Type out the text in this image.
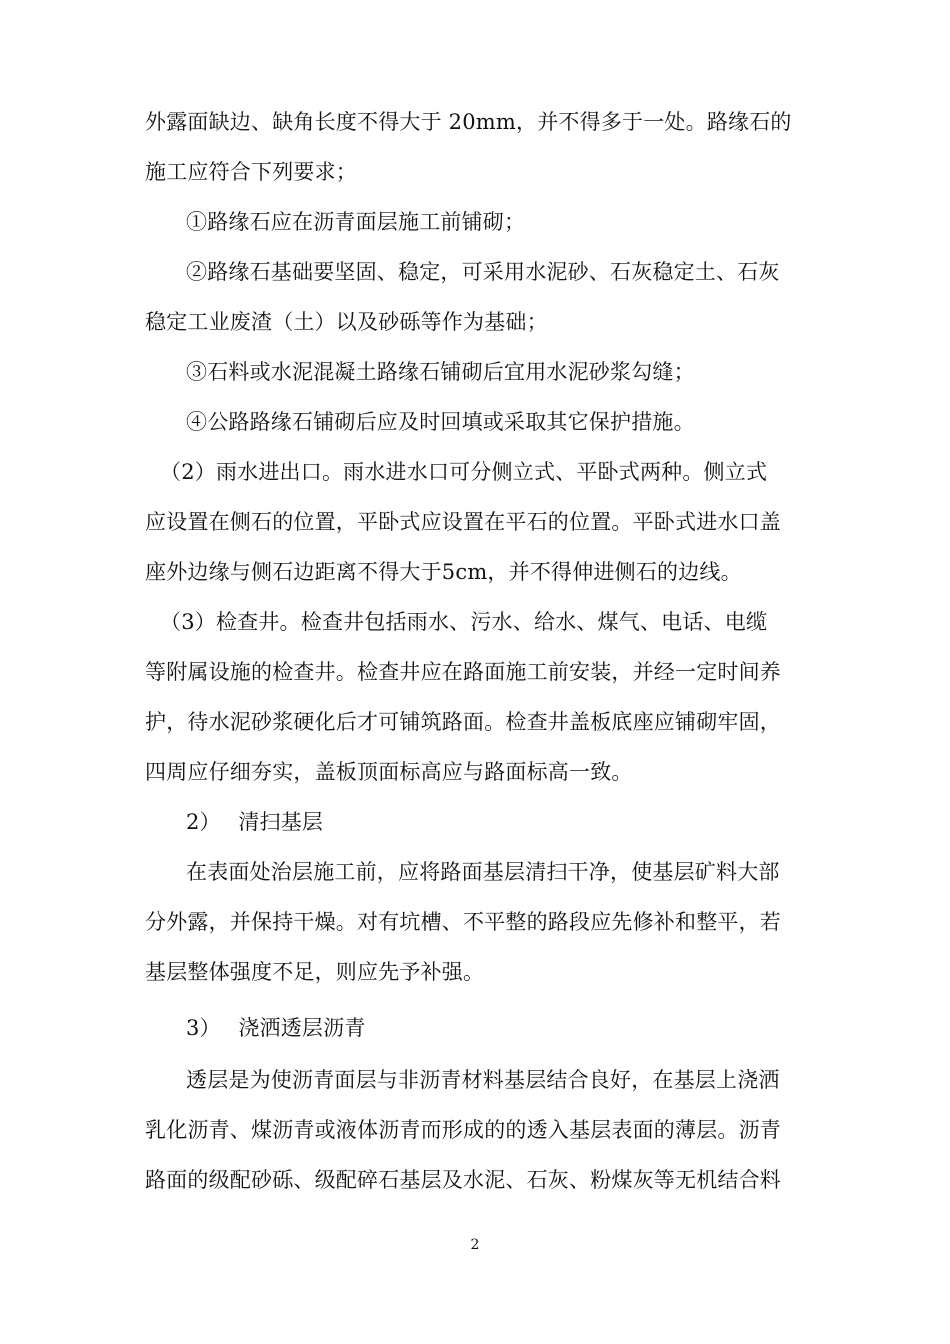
外露面缺边、缺角长度不得大于 20mm，并不得多于一处。路缘石的
施工应符合下列要求；
①路缘石应在沥青面层施工前铺砌；
②路缘石基础要坚固、稳定，可采用水泥砂、石灰稳定土、石灰
稳定工业废渣（土）以及砂砾等作为基础；
③石料或水泥混凝土路缘石铺砌后宜用水泥砂浆勾缝；
④公路路缘石铺砌后应及时回填或采取其它保护措施。
（2）雨水进出口。雨水进水口可分侧立式、平卧式两种。侧立式
应设置在侧石的位置，平卧式应设置在平石的位置。平卧式进水口盖
座外边缘与侧石边距离不得大于5cm，并不得伸进侧石的边线。
（3）检查井。检查井包括雨水、污水、给水、煤气、电话、电缆
等附属设施的检查井。检查井应在路面施工前安装，并经一定时间养
护，待水泥砂浆硬化后才可铺筑路面。检查井盖板底座应铺砌牢固，
四周应仔细夯实，盖板顶面标高应与路面标高一致。
2）　 清扫基层
在表面处治层施工前，应将路面基层清扫干净，使基层矿料大部
分外露，并保持干燥。对有坑槽、不平整的路段应先修补和整平，若
基层整体强度不足，则应先予补强。
3）　 浇洒透层沥青
透层是为使沥青面层与非沥青材料基层结合良好，在基层上浇洒
乳化沥青、煤沥青或液体沥青而形成的的透入基层表面的薄层。沥青
路面的级配砂砾、级配碎石基层及水泥、石灰、粉煤灰等无机结合料
2
